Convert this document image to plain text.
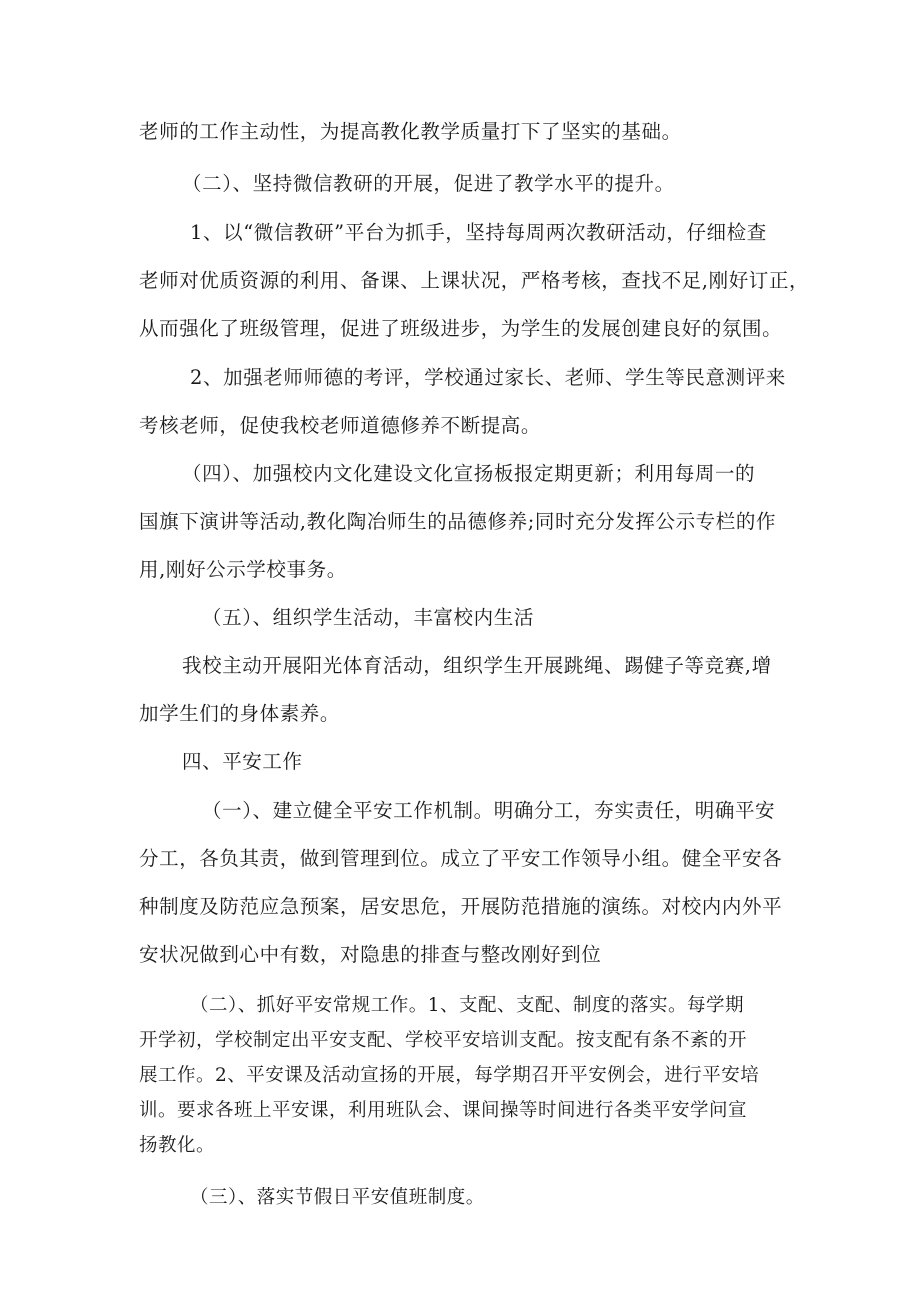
老师的工作主动性，为提高教化教学质量打下了坚实的基础。
（二）、坚持微信教研的开展，促进了教学水平的提升。
1、以“微信教研”平台为抓手，坚持每周两次教研活动，仔细检查
老师对优质资源的利用、备课、上课状况，严格考核，查找不足,刚好订正，
从而强化了班级管理，促进了班级进步，为学生的发展创建良好的氛围。
2、加强老师师德的考评，学校通过家长、老师、学生等民意测评来
考核老师，促使我校老师道德修养不断提高。
（四）、加强校内文化建设文化宣扬板报定期更新；利用每周一的
国旗下演讲等活动,教化陶冶师生的品德修养;同时充分发挥公示专栏的作
用,刚好公示学校事务。
（五）、组织学生活动，丰富校内生活
我校主动开展阳光体育活动，组织学生开展跳绳、踢健子等竞赛,增
加学生们的身体素养。
四、平安工作
（一）、建立健全平安工作机制。明确分工，夯实责任，明确平安
分工，各负其责，做到管理到位。成立了平安工作领导小组。健全平安各
种制度及防范应急预案，居安思危，开展防范措施的演练。对校内内外平
安状况做到心中有数，对隐患的排查与整改刚好到位
（二）、抓好平安常规工作。1、支配、支配、制度的落实。每学期
开学初，学校制定出平安支配、学校平安培训支配。按支配有条不紊的开
展工作。2、平安课及活动宣扬的开展，每学期召开平安例会，进行平安培
训。要求各班上平安课，利用班队会、课间操等时间进行各类平安学问宣
扬教化。
（三）、落实节假日平安值班制度。
